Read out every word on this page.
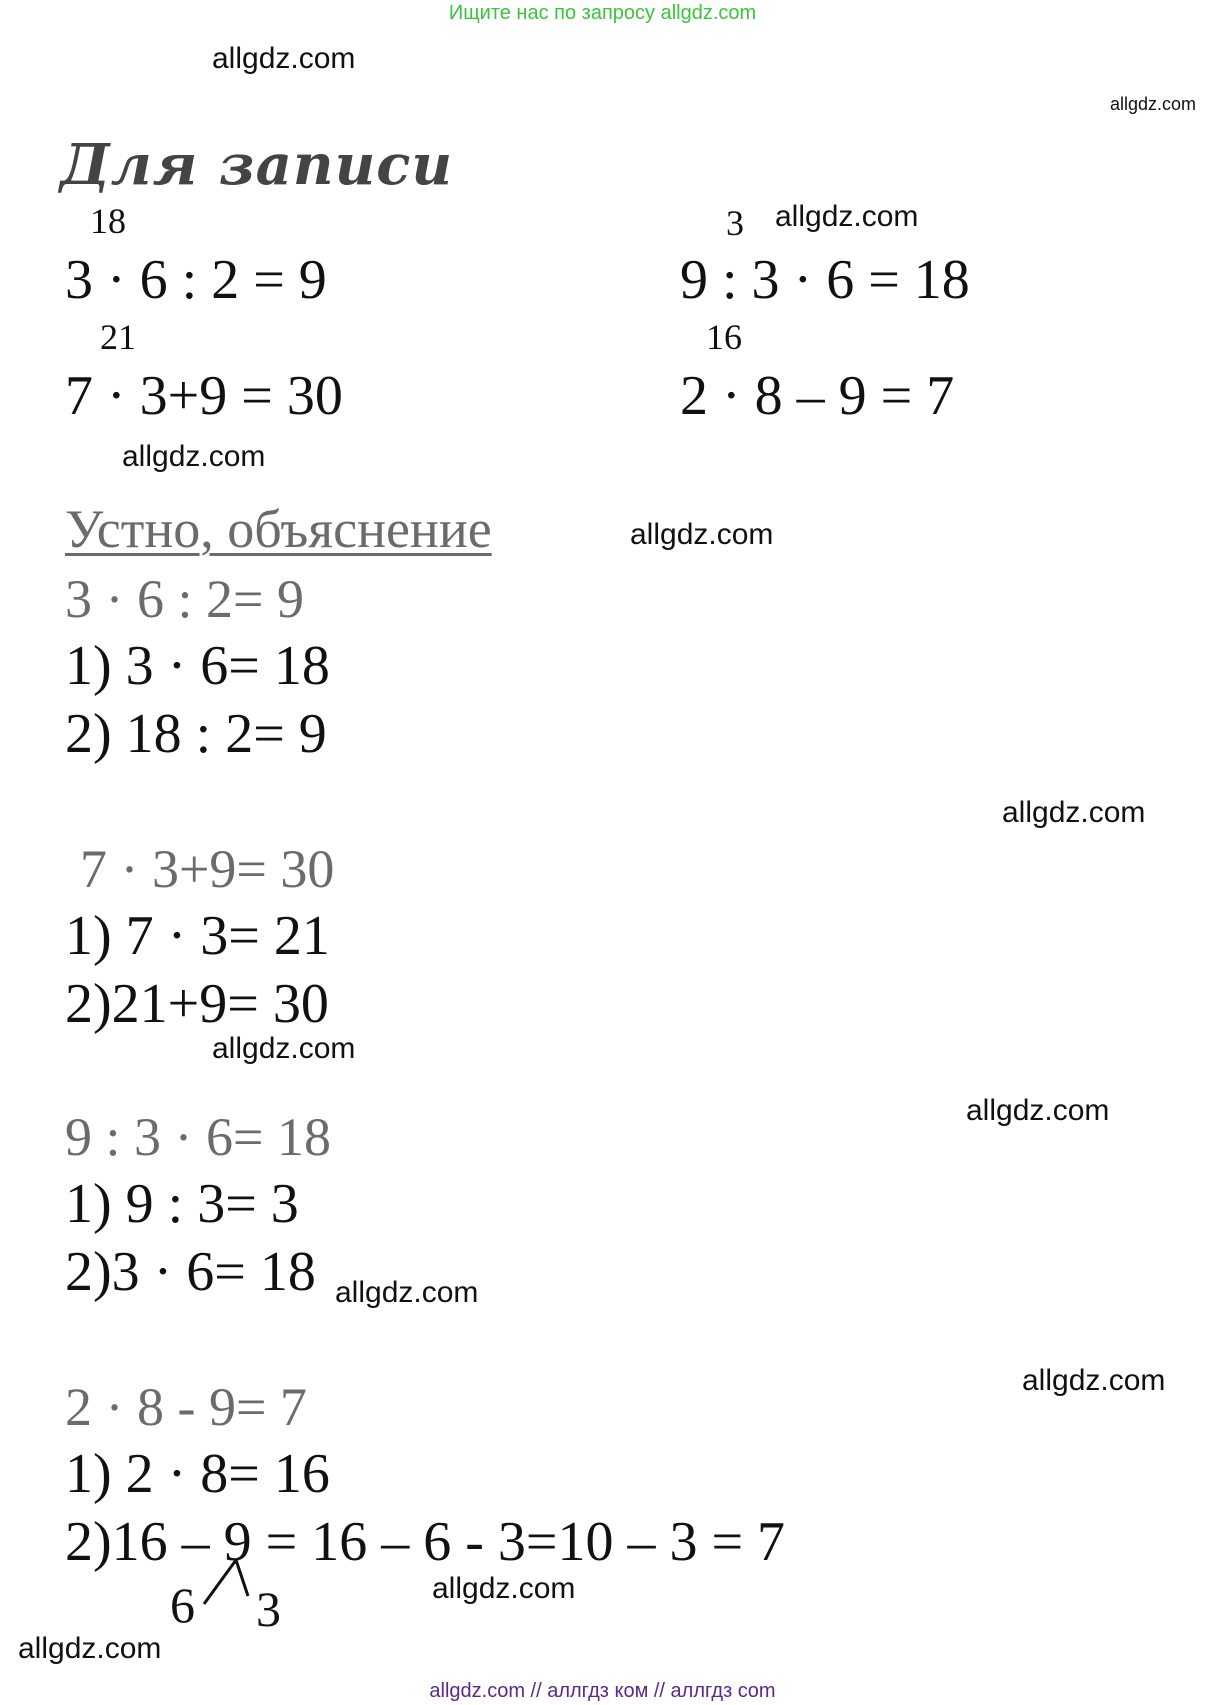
Ищите нас по запросу allgdz.com
allgdz.com
allgdz.com
allgdz.com
allgdz.com
allgdz.com
allgdz.com
allgdz.com
allgdz.com
allgdz.com
allgdz.com
allgdz.com
allgdz.com
Для записи
18
3 · 6 : 2 = 9
3
9 : 3 · 6 = 18
21
7 · 3+9 = 30
16
2 · 8 – 9 = 7
Устно, объяснение
3 · 6 : 2= 9
1) 3 · 6= 18
2) 18 : 2= 9
7 · 3+9= 30
1) 7 · 3= 21
2)21+9= 30
9 : 3 · 6= 18
1) 9 : 3= 3
2)3 · 6= 18
2 · 8 - 9= 7
1) 2 · 8= 16
2)16 – 9 = 16 – 6 - 3=10 – 3 = 7
6 3
allgdz.com // аллгдз ком // аллгдз com
